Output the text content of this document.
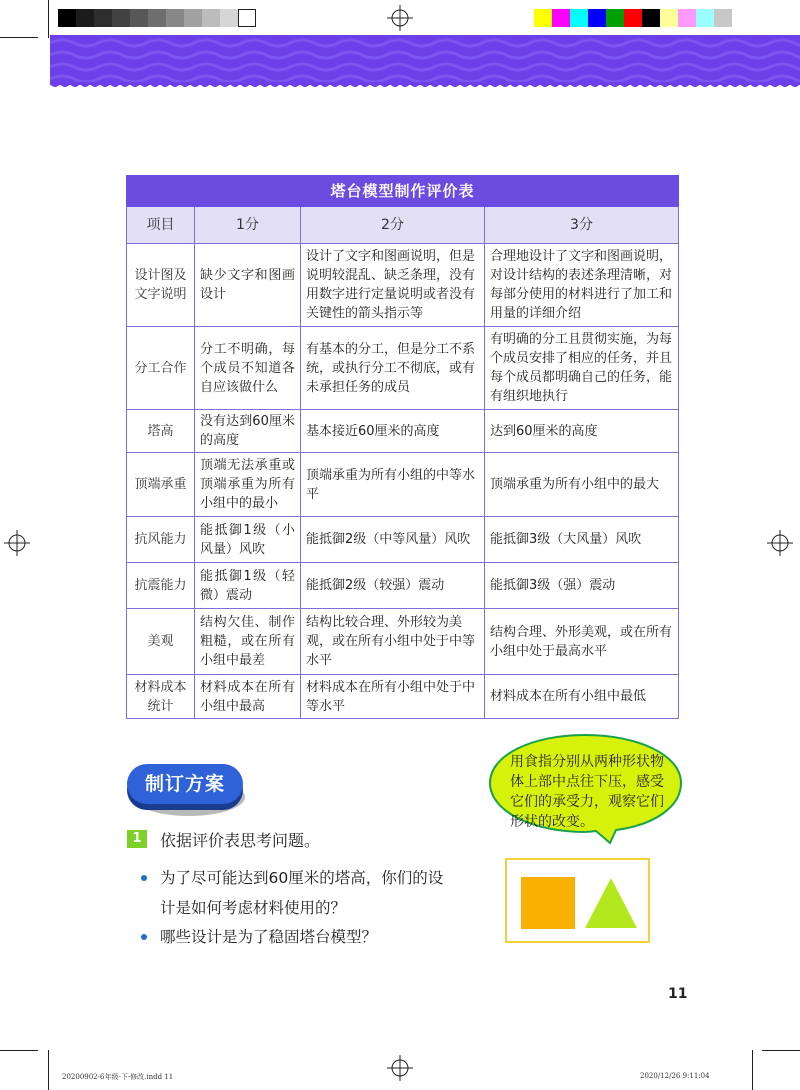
塔台模型制作评价表			
项目	1分	2分	3分
设计图及文字说明	缺少文字和图画设计	设计了文字和图画说明，但是说明较混乱、缺乏条理，没有用数字进行定量说明或者没有关键性的箭头指示等	合理地设计了文字和图画说明，对设计结构的表述条理清晰，对每部分使用的材料进行了加工和用量的详细介绍
分工合作	分工不明确，每个成员不知道各自应该做什么	有基本的分工，但是分工不系统，或执行分工不彻底，或有未承担任务的成员	有明确的分工且贯彻实施，为每个成员安排了相应的任务，并且每个成员都明确自己的任务，能有组织地执行
塔高	没有达到60厘米的高度	基本接近60厘米的高度	达到60厘米的高度
顶端承重	顶端无法承重或顶端承重为所有小组中的最小	顶端承重为所有小组的中等水平	顶端承重为所有小组中的最大
抗风能力	能抵御1级（小风量）风吹	能抵御2级（中等风量）风吹	能抵御3级（大风量）风吹
抗震能力	能抵御1级（轻微）震动	能抵御2级（较强）震动	能抵御3级（强）震动
美观	结构欠佳、制作粗糙，或在所有小组中最差	结构比较合理、外形较为美观，或在所有小组中处于中等水平	结构合理、外形美观，或在所有小组中处于最高水平
材料成本统计	材料成本在所有小组中最高	材料成本在所有小组中处于中等水平	材料成本在所有小组中最低
制订方案
1	依据评价表思考问题。
为了尽可能达到60厘米的塔高，你们的设
计是如何考虑材料使用的？
哪些设计是为了稳固塔台模型？
用食指分别从两种形状物体上部中点往下压，感受它们的承受力，观察它们形状的改变。
11
20200902-6年级-下-修改.indd 11	2020/12/26 9:11:04
